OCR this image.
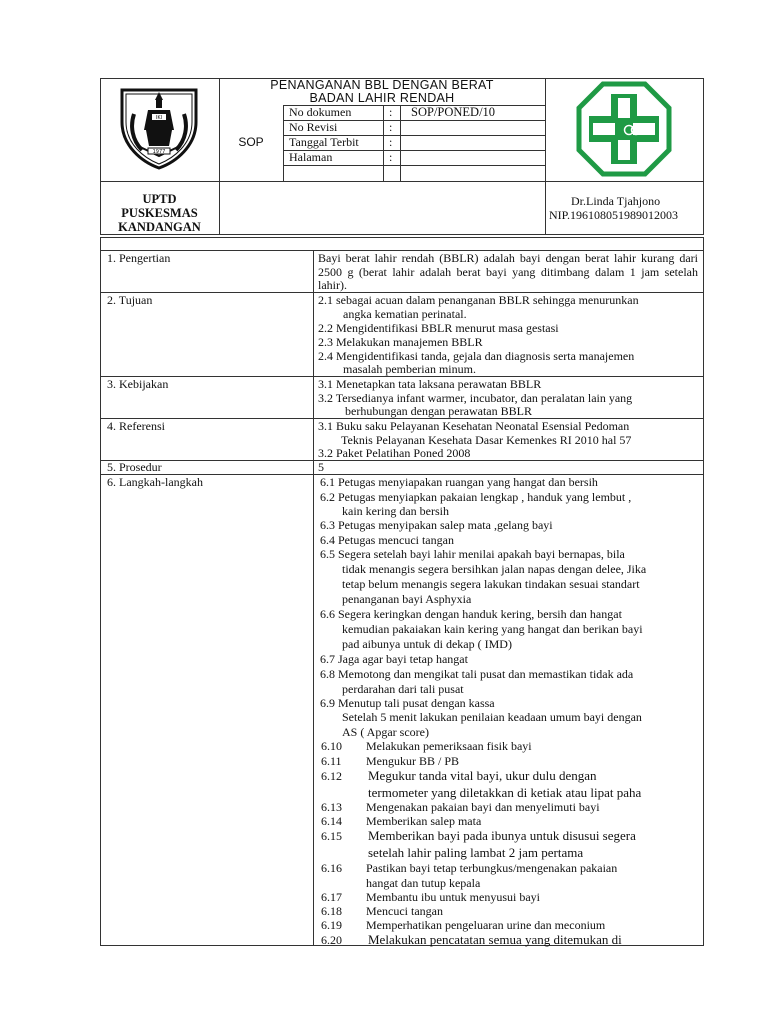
IKI
1977
PENANGANAN BBL DENGAN BERAT
BADAN LAHIR RENDAH
SOP
No dokumen	: SOP/PONED/10
No Revisi	:
Tanggal Terbit	:
Halaman	:
UPTD
PUSKESMAS
KANDANGAN
Dr.Linda Tjahjono
NIP.196108051989012003
1. Pengertian	Bayi berat lahir rendah (BBLR) adalah bayi dengan berat lahir kurang dari 2500 g (berat lahir adalah berat bayi yang ditimbang dalam 1 jam setelah lahir).
2. Tujuan	2.1 sebagai acuan dalam penanganan BBLR sehingga menurunkan
angka kematian perinatal.
2.2 Mengidentifikasi BBLR menurut masa gestasi
2.3 Melakukan manajemen BBLR
2.4 Mengidentifikasi tanda, gejala dan diagnosis serta manajemen
masalah pemberian minum.
3. Kebijakan	3.1 Menetapkan tata laksana perawatan BBLR
3.2 Tersedianya infant warmer, incubator, dan peralatan lain yang
berhubungan dengan perawatan BBLR
4. Referensi	3.1 Buku saku Pelayanan Kesehatan Neonatal Esensial Pedoman
Teknis Pelayanan Kesehata Dasar Kemenkes RI 2010 hal 57
3.2 Paket Pelatihan Poned 2008
5. Prosedur	5
6. Langkah-langkah	6.1 Petugas menyiapakan ruangan yang hangat dan bersih
6.2 Petugas menyiapkan pakaian lengkap , handuk yang lembut ,
kain kering dan bersih
6.3 Petugas menyipakan salep mata ,gelang bayi
6.4 Petugas mencuci tangan
6.5 Segera setelah bayi lahir menilai apakah bayi bernapas, bila
tidak menangis segera bersihkan jalan napas dengan delee, Jika
tetap belum menangis segera lakukan tindakan sesuai standart
penanganan bayi Asphyxia
6.6 Segera keringkan dengan handuk kering, bersih dan hangat
kemudian pakaiakan kain kering yang hangat dan berikan bayi
pad aibunya untuk di dekap ( IMD)
6.7 Jaga agar bayi tetap hangat
6.8 Memotong dan mengikat tali pusat dan memastikan tidak ada
perdarahan dari tali pusat
6.9 Menutup tali pusat dengan kassa
Setelah 5 menit lakukan penilaian keadaan umum bayi dengan
AS ( Apgar score)
6.10 Melakukan pemeriksaan fisik bayi
6.11 Mengukur BB / PB
6.12 Megukur tanda vital bayi, ukur dulu dengan
termometer yang diletakkan di ketiak atau lipat paha
6.13 Mengenakan pakaian bayi dan menyelimuti bayi
6.14 Memberikan salep mata
6.15 Memberikan bayi pada ibunya untuk disusui segera
setelah lahir paling lambat 2 jam pertama
6.16 Pastikan bayi tetap terbungkus/mengenakan pakaian
hangat dan tutup kepala
6.17 Membantu ibu untuk menyusui bayi
6.18 Mencuci tangan
6.19 Memperhatikan pengeluaran urine dan meconium
6.20 Melakukan pencatatan semua yang ditemukan di
